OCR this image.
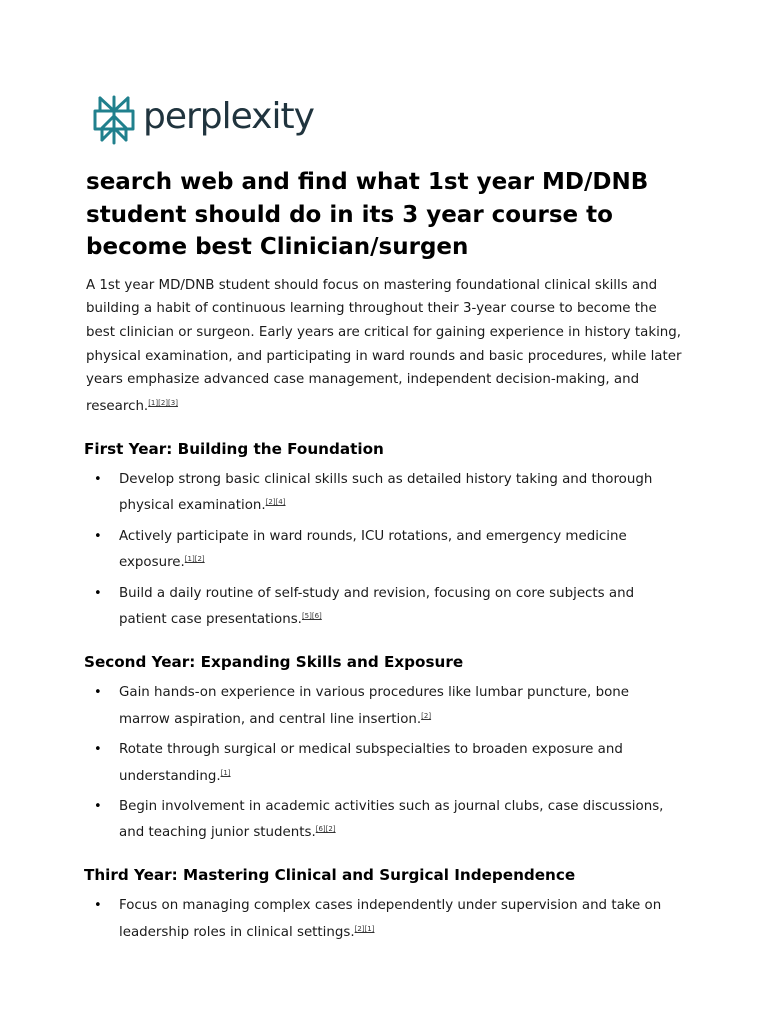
perplexity
search web and find what 1st year MD/DNB student should do in its 3 year course to become best Clinician/surgen

A 1st year MD/DNB student should focus on mastering foundational clinical skills and building a habit of continuous learning throughout their 3-year course to become the best clinician or surgeon. Early years are critical for gaining experience in history taking, physical examination, and participating in ward rounds and basic procedures, while later years emphasize advanced case management, independent decision-making, and research.[1][2][3]

First Year: Building the Foundation
• Develop strong basic clinical skills such as detailed history taking and thorough physical examination.[2][4]
• Actively participate in ward rounds, ICU rotations, and emergency medicine exposure.[1][2]
• Build a daily routine of self-study and revision, focusing on core subjects and patient case presentations.[5][6]
Second Year: Expanding Skills and Exposure
• Gain hands-on experience in various procedures like lumbar puncture, bone marrow aspiration, and central line insertion.[2]
• Rotate through surgical or medical subspecialties to broaden exposure and understanding.[1]
• Begin involvement in academic activities such as journal clubs, case discussions, and teaching junior students.[6][2]
Third Year: Mastering Clinical and Surgical Independence
• Focus on managing complex cases independently under supervision and take on leadership roles in clinical settings.[2][1]
